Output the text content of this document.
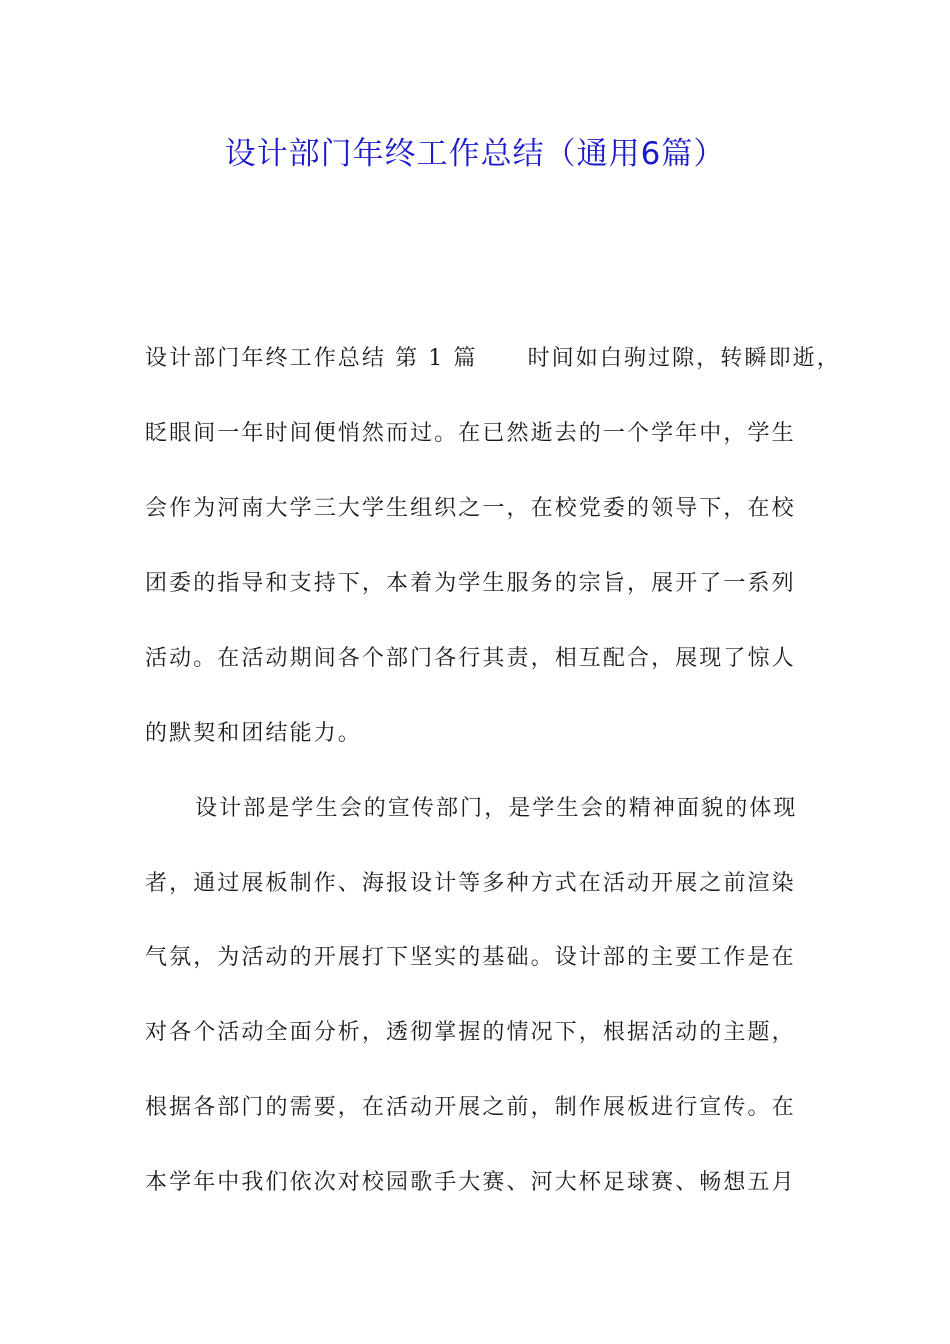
设计部门年终工作总结（通用6篇）
设计部门年终工作总结 第 1 篇 时间如白驹过隙，转瞬即逝，
眨眼间一年时间便悄然而过。在已然逝去的一个学年中，学生
会作为河南大学三大学生组织之一，在校党委的领导下，在校
团委的指导和支持下，本着为学生服务的宗旨，展开了一系列
活动。在活动期间各个部门各行其责，相互配合，展现了惊人
的默契和团结能力。
设计部是学生会的宣传部门，是学生会的精神面貌的体现
者，通过展板制作、海报设计等多种方式在活动开展之前渲染
气氛，为活动的开展打下坚实的基础。设计部的主要工作是在
对各个活动全面分析，透彻掌握的情况下，根据活动的主题，
根据各部门的需要，在活动开展之前，制作展板进行宣传。在
本学年中我们依次对校园歌手大赛、河大杯足球赛、畅想五月
